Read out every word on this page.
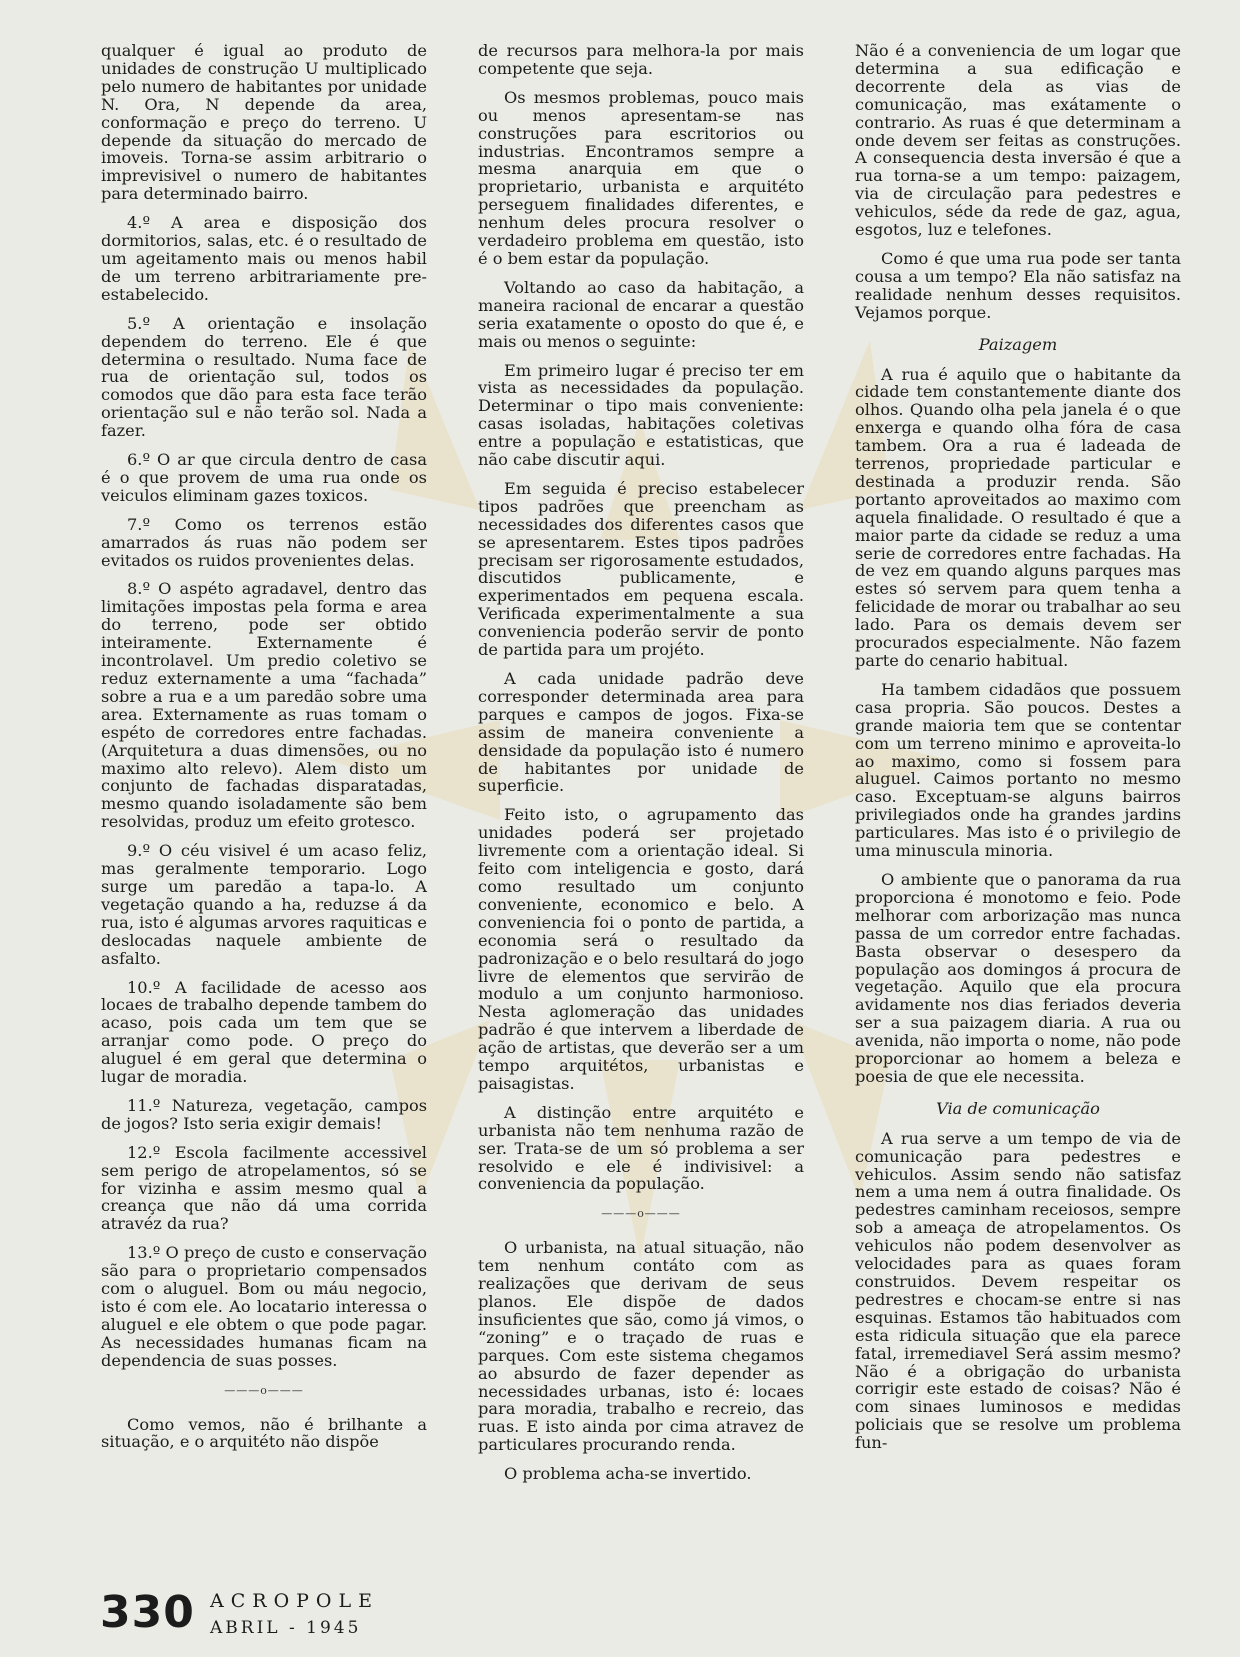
qualquer é igual ao produto de unidades de construção U multiplicado pelo numero de habitantes por unidade N. Ora, N depende da area, conformação e preço do terreno. U depende da situação do mercado de imoveis. Torna-se assim arbitrario o imprevisivel o numero de habitantes para determinado bairro.

4.º A area e disposição dos dormitorios, salas, etc. é o resultado de um ageitamento mais ou menos habil de um terreno arbitrariamente pre-estabelecido.

5.º A orientação e insolação dependem do terreno. Ele é que determina o resultado. Numa face de rua de orientação sul, todos os comodos que dão para esta face terão orientação sul e não terão sol. Nada a fazer.

6.º O ar que circula dentro de casa é o que provem de uma rua onde os veiculos eliminam gazes toxicos.

7.º Como os terrenos estão amarrados ás ruas não podem ser evitados os ruidos provenientes delas.

8.º O aspéto agradavel, dentro das limitações impostas pela forma e area do terreno, pode ser obtido inteiramente. Externamente é incontrolavel. Um predio coletivo se reduz externamente a uma “fachada” sobre a rua e a um paredão sobre uma area. Externamente as ruas tomam o espéto de corredores entre fachadas. (Arquitetura a duas dimensões, ou no maximo alto relevo). Alem disto um conjunto de fachadas disparatadas, mesmo quando isoladamente são bem resolvidas, produz um efeito grotesco.

9.º O céu visivel é um acaso feliz, mas geralmente temporario. Logo surge um paredão a tapa-lo. A vegetação quando a ha, reduzse á da rua, isto é algumas arvores raquiticas e deslocadas naquele ambiente de asfalto.

10.º A facilidade de acesso aos locaes de trabalho depende tambem do acaso, pois cada um tem que se arranjar como pode. O preço do aluguel é em geral que determina o lugar de moradia.

11.º Natureza, vegetação, campos de jogos? Isto seria exigir demais!

12.º Escola facilmente accessivel sem perigo de atropelamentos, só se for vizinha e assim mesmo qual a creança que não dá uma corrida atravéz da rua?

13.º O preço de custo e conservação são para o proprietario compensados com o aluguel. Bom ou máu negocio, isto é com ele. Ao locatario interessa o aluguel e ele obtem o que pode pagar. As necessidades humanas ficam na dependencia de suas posses.

———o———

Como vemos, não é brilhante a situação, e o arquitéto não dispõe

de recursos para melhora-la por mais competente que seja.

Os mesmos problemas, pouco mais ou menos apresentam-se nas construções para escritorios ou industrias. Encontramos sempre a mesma anarquia em que o proprietario, urbanista e arquitéto perseguem finalidades diferentes, e nenhum deles procura resolver o verdadeiro problema em questão, isto é o bem estar da população.

Voltando ao caso da habitação, a maneira racional de encarar a questão seria exatamente o oposto do que é, e mais ou menos o seguinte:

Em primeiro lugar é preciso ter em vista as necessidades da população. Determinar o tipo mais conveniente: casas isoladas, habitações coletivas entre a população e estatisticas, que não cabe discutir aqui.

Em seguida é preciso estabelecer tipos padrões que preencham as necessidades dos diferentes casos que se apresentarem. Estes tipos padrões precisam ser rigorosamente estudados, discutidos publicamente, e experimentados em pequena escala. Verificada experimentalmente a sua conveniencia poderão servir de ponto de partida para um projéto.

A cada unidade padrão deve corresponder determinada area para parques e campos de jogos. Fixa-se assim de maneira conveniente a densidade da população isto é numero de habitantes por unidade de superficie.

Feito isto, o agrupamento das unidades poderá ser projetado livremente com a orientação ideal. Si feito com inteligencia e gosto, dará como resultado um conjunto conveniente, economico e belo. A conveniencia foi o ponto de partida, a economia será o resultado da padronização e o belo resultará do jogo livre de elementos que servirão de modulo a um conjunto harmonioso. Nesta aglomeração das unidades padrão é que intervem a liberdade de ação de artistas, que deverão ser a um tempo arquitétos, urbanistas e paisagistas.

A distinção entre arquitéto e urbanista não tem nenhuma razão de ser. Trata-se de um só problema a ser resolvido e ele é indivisivel: a conveniencia da população.

———o———

O urbanista, na atual situação, não tem nenhum contáto com as realizações que derivam de seus planos. Ele dispõe de dados insuficientes que são, como já vimos, o “zoning” e o traçado de ruas e parques. Com este sistema chegamos ao absurdo de fazer depender as necessidades urbanas, isto é: locaes para moradia, trabalho e recreio, das ruas. E isto ainda por cima atravez de particulares procurando renda.

O problema acha-se invertido.

Não é a conveniencia de um logar que determina a sua edificação e decorrente dela as vias de comunicação, mas exátamente o contrario. As ruas é que determinam a onde devem ser feitas as construções. A consequencia desta inversão é que a rua torna-se a um tempo: paizagem, via de circulação para pedestres e vehiculos, séde da rede de gaz, agua, esgotos, luz e telefones.

Como é que uma rua pode ser tanta cousa a um tempo? Ela não satisfaz na realidade nenhum desses requisitos. Vejamos porque.

Paizagem

A rua é aquilo que o habitante da cidade tem constantemente diante dos olhos. Quando olha pela janela é o que enxerga e quando olha fóra de casa tambem. Ora a rua é ladeada de terrenos, propriedade particular e destinada a produzir renda. São portanto aproveitados ao maximo com aquela finalidade. O resultado é que a maior parte da cidade se reduz a uma serie de corredores entre fachadas. Ha de vez em quando alguns parques mas estes só servem para quem tenha a felicidade de morar ou trabalhar ao seu lado. Para os demais devem ser procurados especialmente. Não fazem parte do cenario habitual.

Ha tambem cidadãos que possuem casa propria. São poucos. Destes a grande maioria tem que se contentar com um terreno minimo e aproveita-lo ao maximo, como si fossem para aluguel. Caimos portanto no mesmo caso. Exceptuam-se alguns bairros privilegiados onde ha grandes jardins particulares. Mas isto é o privilegio de uma minuscula minoria.

O ambiente que o panorama da rua proporciona é monotomo e feio. Pode melhorar com arborização mas nunca passa de um corredor entre fachadas. Basta observar o desespero da população aos domingos á procura de vegetação. Aquilo que ela procura avidamente nos dias feriados deveria ser a sua paizagem diaria. A rua ou avenida, não importa o nome, não pode proporcionar ao homem a beleza e poesia de que ele necessita.

Via de comunicação

A rua serve a um tempo de via de comunicação para pedestres e vehiculos. Assim sendo não satisfaz nem a uma nem á outra finalidade. Os pedestres caminham receiosos, sempre sob a ameaça de atropelamentos. Os vehiculos não podem desenvolver as velocidades para as quaes foram construidos. Devem respeitar os pedrestres e chocam-se entre si nas esquinas. Estamos tão habituados com esta ridicula situação que ela parece fatal, irremediavel Será assim mesmo? Não é a obrigação do urbanista corrigir este estado de coisas? Não é com sinaes luminosos e medidas policiais que se resolve um problema fun-

330 ACROPOLE
ABRIL - 1945
